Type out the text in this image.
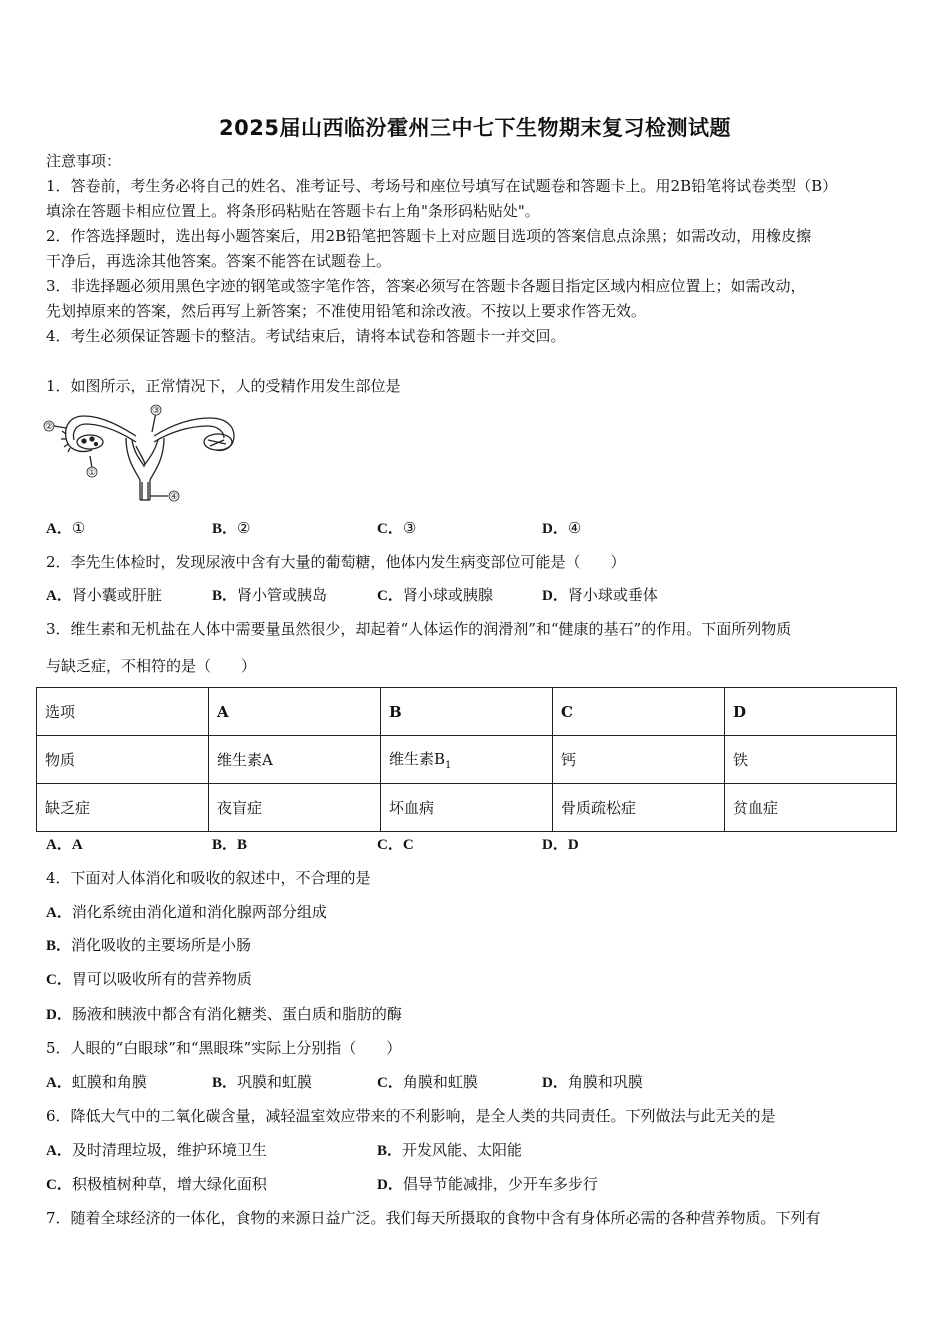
2025届山西临汾霍州三中七下生物期末复习检测试题
注意事项：
1．答卷前，考生务必将自己的姓名、准考证号、考场号和座位号填写在试题卷和答题卡上。用2B铅笔将试卷类型（B）
填涂在答题卡相应位置上。将条形码粘贴在答题卡右上角"条形码粘贴处"。
2．作答选择题时，选出每小题答案后，用2B铅笔把答题卡上对应题目选项的答案信息点涂黑；如需改动，用橡皮擦
干净后，再选涂其他答案。答案不能答在试题卷上。
3．非选择题必须用黑色字迹的钢笔或签字笔作答，答案必须写在答题卡各题目指定区域内相应位置上；如需改动，
先划掉原来的答案，然后再写上新答案；不准使用铅笔和涂改液。不按以上要求作答无效。
4．考生必须保证答题卡的整洁。考试结束后，请将本试卷和答题卡一并交回。
1．如图所示，正常情况下，人的受精作用发生部位是
③
②
①
④
A．①	B．②	C．③	D．④
2．李先生体检时，发现尿液中含有大量的葡萄糖，他体内发生病变部位可能是（　　）
A．肾小囊或肝脏	B．肾小管或胰岛	C．肾小球或胰腺	D．肾小球或垂体
3．维生素和无机盐在人体中需要量虽然很少，却起着“人体运作的润滑剂”和“健康的基石”的作用。下面所列物质
与缺乏症，不相符的是（　　）
选项	A	B	C	D
物质	维生素A	维生素$B_1$	钙	铁
缺乏症	夜盲症	坏血病	骨质疏松症	贫血症
A．A	B．B	C．C	D．D
4．下面对人体消化和吸收的叙述中，不合理的是
A．消化系统由消化道和消化腺两部分组成
B．消化吸收的主要场所是小肠
C．胃可以吸收所有的营养物质
D．肠液和胰液中都含有消化糖类、蛋白质和脂肪的酶
5．人眼的“白眼球”和“黑眼珠”实际上分别指（　　）
A．虹膜和角膜	B．巩膜和虹膜	C．角膜和虹膜	D．角膜和巩膜
6．降低大气中的二氧化碳含量，减轻温室效应带来的不利影响，是全人类的共同责任。下列做法与此无关的是
A．及时清理垃圾，维护环境卫生	B．开发风能、太阳能
C．积极植树种草，增大绿化面积	D．倡导节能减排，少开车多步行
7．随着全球经济的一体化，食物的来源日益广泛。我们每天所摄取的食物中含有身体所必需的各种营养物质。下列有
